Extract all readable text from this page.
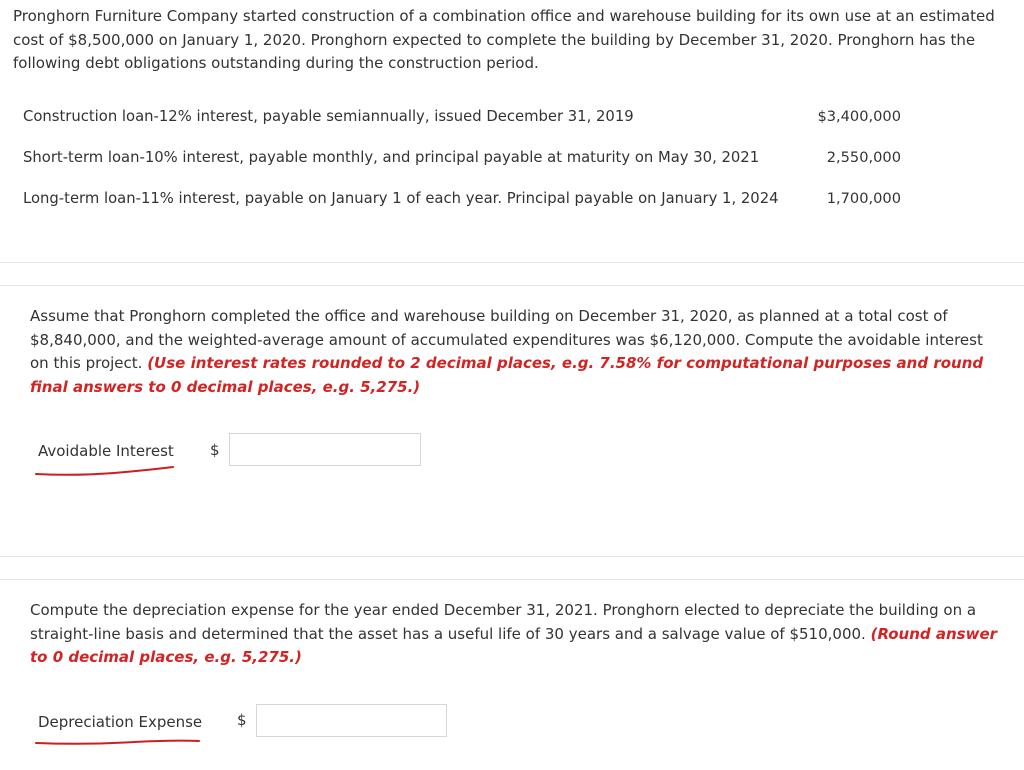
Pronghorn Furniture Company started construction of a combination office and warehouse building for its own use at an estimated cost of $8,500,000 on January 1, 2020. Pronghorn expected to complete the building by December 31, 2020. Pronghorn has the following debt obligations outstanding during the construction period.
Construction loan-12% interest, payable semiannually, issued December 31, 2019	$3,400,000
Short-term loan-10% interest, payable monthly, and principal payable at maturity on May 30, 2021	2,550,000
Long-term loan-11% interest, payable on January 1 of each year. Principal payable on January 1, 2024	1,700,000
Assume that Pronghorn completed the office and warehouse building on December 31, 2020, as planned at a total cost of $8,840,000, and the weighted-average amount of accumulated expenditures was $6,120,000. Compute the avoidable interest on this project. (Use interest rates rounded to 2 decimal places, e.g. 7.58% for computational purposes and round final answers to 0 decimal places, e.g. 5,275.)
Avoidable Interest $
Compute the depreciation expense for the year ended December 31, 2021. Pronghorn elected to depreciate the building on a straight-line basis and determined that the asset has a useful life of 30 years and a salvage value of $510,000. (Round answer to 0 decimal places, e.g. 5,275.)
Depreciation Expense $
